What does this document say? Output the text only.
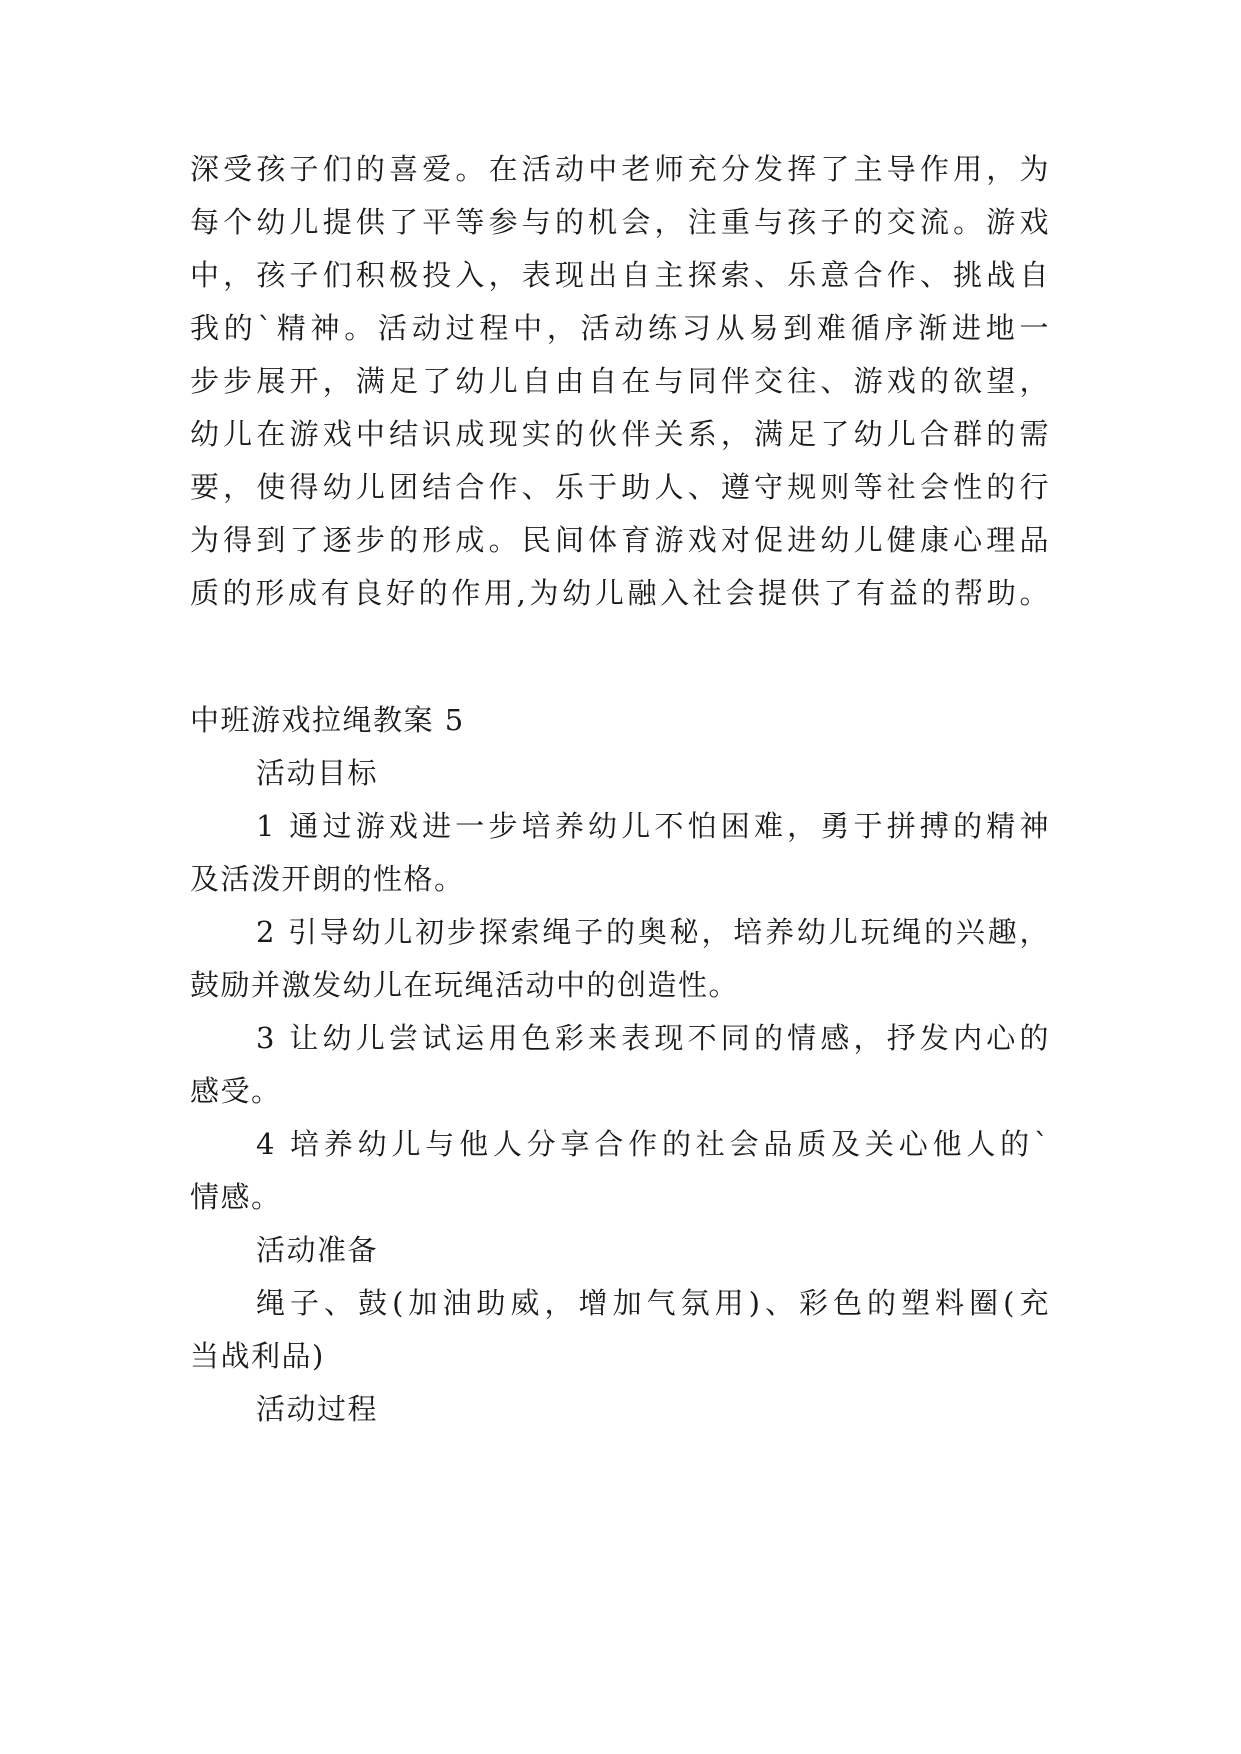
深受孩子们的喜爱。在活动中老师充分发挥了主导作用，为
每个幼儿提供了平等参与的机会，注重与孩子的交流。游戏
中，孩子们积极投入，表现出自主探索、乐意合作、挑战自
我的`精神。活动过程中，活动练习从易到难循序渐进地一
步步展开，满足了幼儿自由自在与同伴交往、游戏的欲望，
幼儿在游戏中结识成现实的伙伴关系，满足了幼儿合群的需
要，使得幼儿团结合作、乐于助人、遵守规则等社会性的行
为得到了逐步的形成。民间体育游戏对促进幼儿健康心理品
质的形成有良好的作用,为幼儿融入社会提供了有益的帮助。
中班游戏拉绳教案 5
活动目标
1 通过游戏进一步培养幼儿不怕困难，勇于拼搏的精神
及活泼开朗的性格。
2 引导幼儿初步探索绳子的奥秘，培养幼儿玩绳的兴趣，
鼓励并激发幼儿在玩绳活动中的创造性。
3 让幼儿尝试运用色彩来表现不同的情感，抒发内心的
感受。
4 培养幼儿与他人分享合作的社会品质及关心他人的`
情感。
活动准备
绳子、鼓(加油助威，增加气氛用)、彩色的塑料圈(充
当战利品)
活动过程
